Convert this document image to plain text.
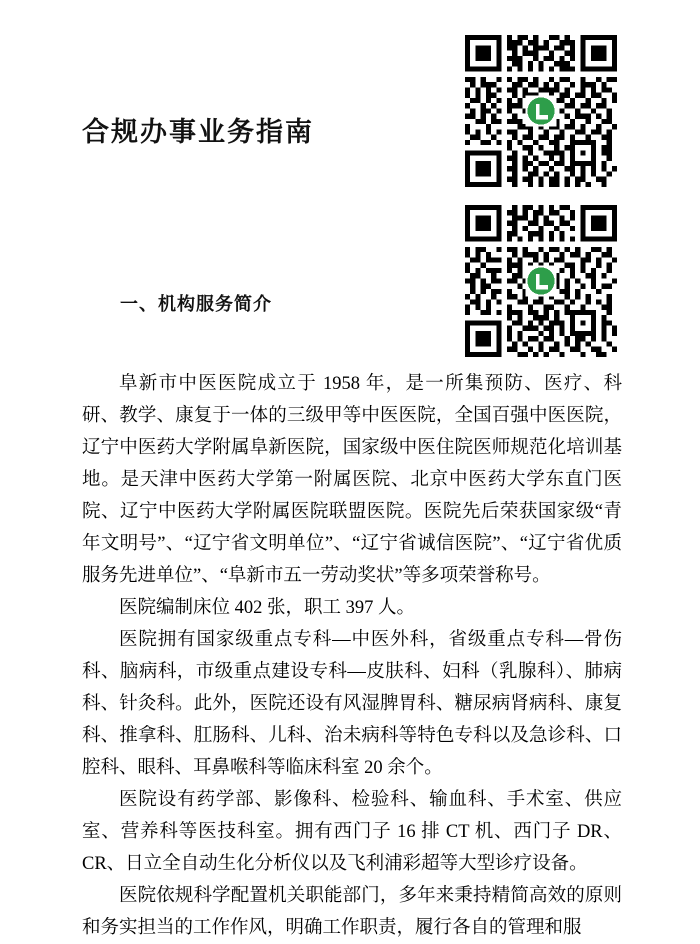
合规办事业务指南
一、机构服务简介

阜新市中医医院成立于 1958 年，是一所集预防、医疗、科研、教学、康复于一体的三级甲等中医医院，全国百强中医医院，辽宁中医药大学附属阜新医院，国家级中医住院医师规范化培训基地。是天津中医药大学第一附属医院、北京中医药大学东直门医院、辽宁中医药大学附属医院联盟医院。医院先后荣获国家级“青年文明号”、“辽宁省文明单位”、“辽宁省诚信医院”、“辽宁省优质服务先进单位”、“阜新市五一劳动奖状”等多项荣誉称号。

医院编制床位 402 张，职工 397 人。

医院拥有国家级重点专科—中医外科，省级重点专科—骨伤科、脑病科，市级重点建设专科—皮肤科、妇科（乳腺科）、肺病科、针灸科。此外，医院还设有风湿脾胃科、糖尿病肾病科、康复科、推拿科、肛肠科、儿科、治未病科等特色专科以及急诊科、口腔科、眼科、耳鼻喉科等临床科室 20 余个。

医院设有药学部、影像科、检验科、输血科、手术室、供应室、营养科等医技科室。拥有西门子 16 排 CT 机、西门子 DR、CR、日立全自动生化分析仪以及飞利浦彩超等大型诊疗设备。

医院依规科学配置机关职能部门，多年来秉持精简高效的原则和务实担当的工作作风，明确工作职责，履行各自的管理和服
